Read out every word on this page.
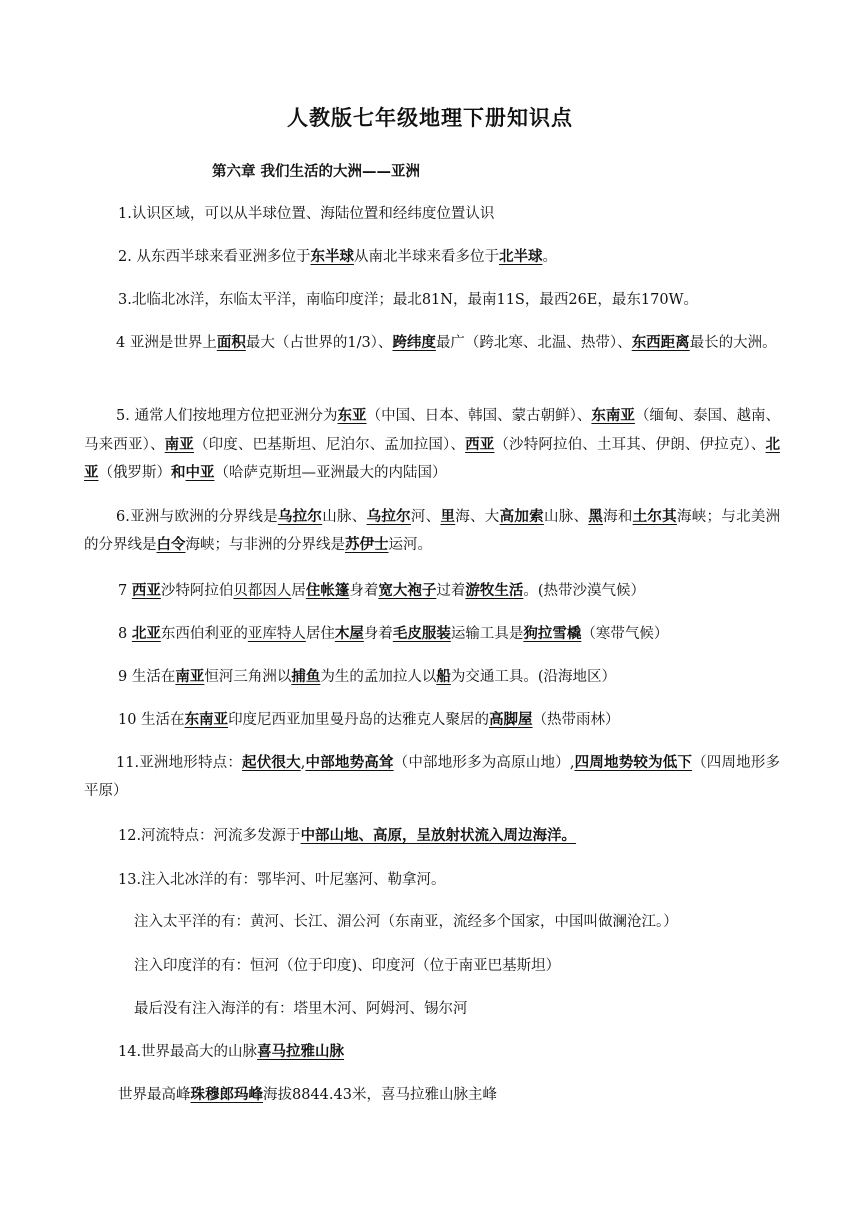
人教版七年级地理下册知识点
第六章 我们生活的大洲——亚洲
1.认识区域，可以从半球位置、海陆位置和经纬度位置认识
2. 从东西半球来看亚洲多位于东半球从南北半球来看多位于北半球。
3.北临北冰洋，东临太平洋，南临印度洋；最北81N，最南11S，最西26E，最东170W。
4 亚洲是世界上面积最大（占世界的1/3）、跨纬度最广（跨北寒、北温、热带）、东西距离最长的大洲。
5. 通常人们按地理方位把亚洲分为东亚（中国、日本、韩国、蒙古朝鲜）、东南亚（缅甸、泰国、越南、马来西亚）、南亚（印度、巴基斯坦、尼泊尔、孟加拉国）、西亚（沙特阿拉伯、土耳其、伊朗、伊拉克）、北亚（俄罗斯）和中亚（哈萨克斯坦—亚洲最大的内陆国）
6.亚洲与欧洲的分界线是乌拉尔山脉、乌拉尔河、里海、大高加索山脉、黑海和土尔其海峡；与北美洲的分界线是白令海峡；与非洲的分界线是苏伊士运河。
7 西亚沙特阿拉伯贝都因人居住帐篷身着宽大袍子过着游牧生活。(热带沙漠气候）
8 北亚东西伯利亚的亚库特人居住木屋身着毛皮服装运输工具是狗拉雪橇（寒带气候）
9 生活在南亚恒河三角洲以捕鱼为生的孟加拉人以船为交通工具。(沿海地区）
10 生活在东南亚印度尼西亚加里曼丹岛的达雅克人聚居的高脚屋（热带雨林）
11.亚洲地形特点：起伏很大,中部地势高耸（中部地形多为高原山地）,四周地势较为低下（四周地形多平原）
12.河流特点：河流多发源于中部山地、高原，呈放射状流入周边海洋。
13.注入北冰洋的有：鄂毕河、叶尼塞河、勒拿河。
注入太平洋的有：黄河、长江、湄公河（东南亚，流经多个国家，中国叫做澜沧江。）
注入印度洋的有：恒河（位于印度)、印度河（位于南亚巴基斯坦）
最后没有注入海洋的有：塔里木河、阿姆河、锡尔河
14.世界最高大的山脉喜马拉雅山脉
世界最高峰珠穆郎玛峰海拔8844.43米，喜马拉雅山脉主峰
